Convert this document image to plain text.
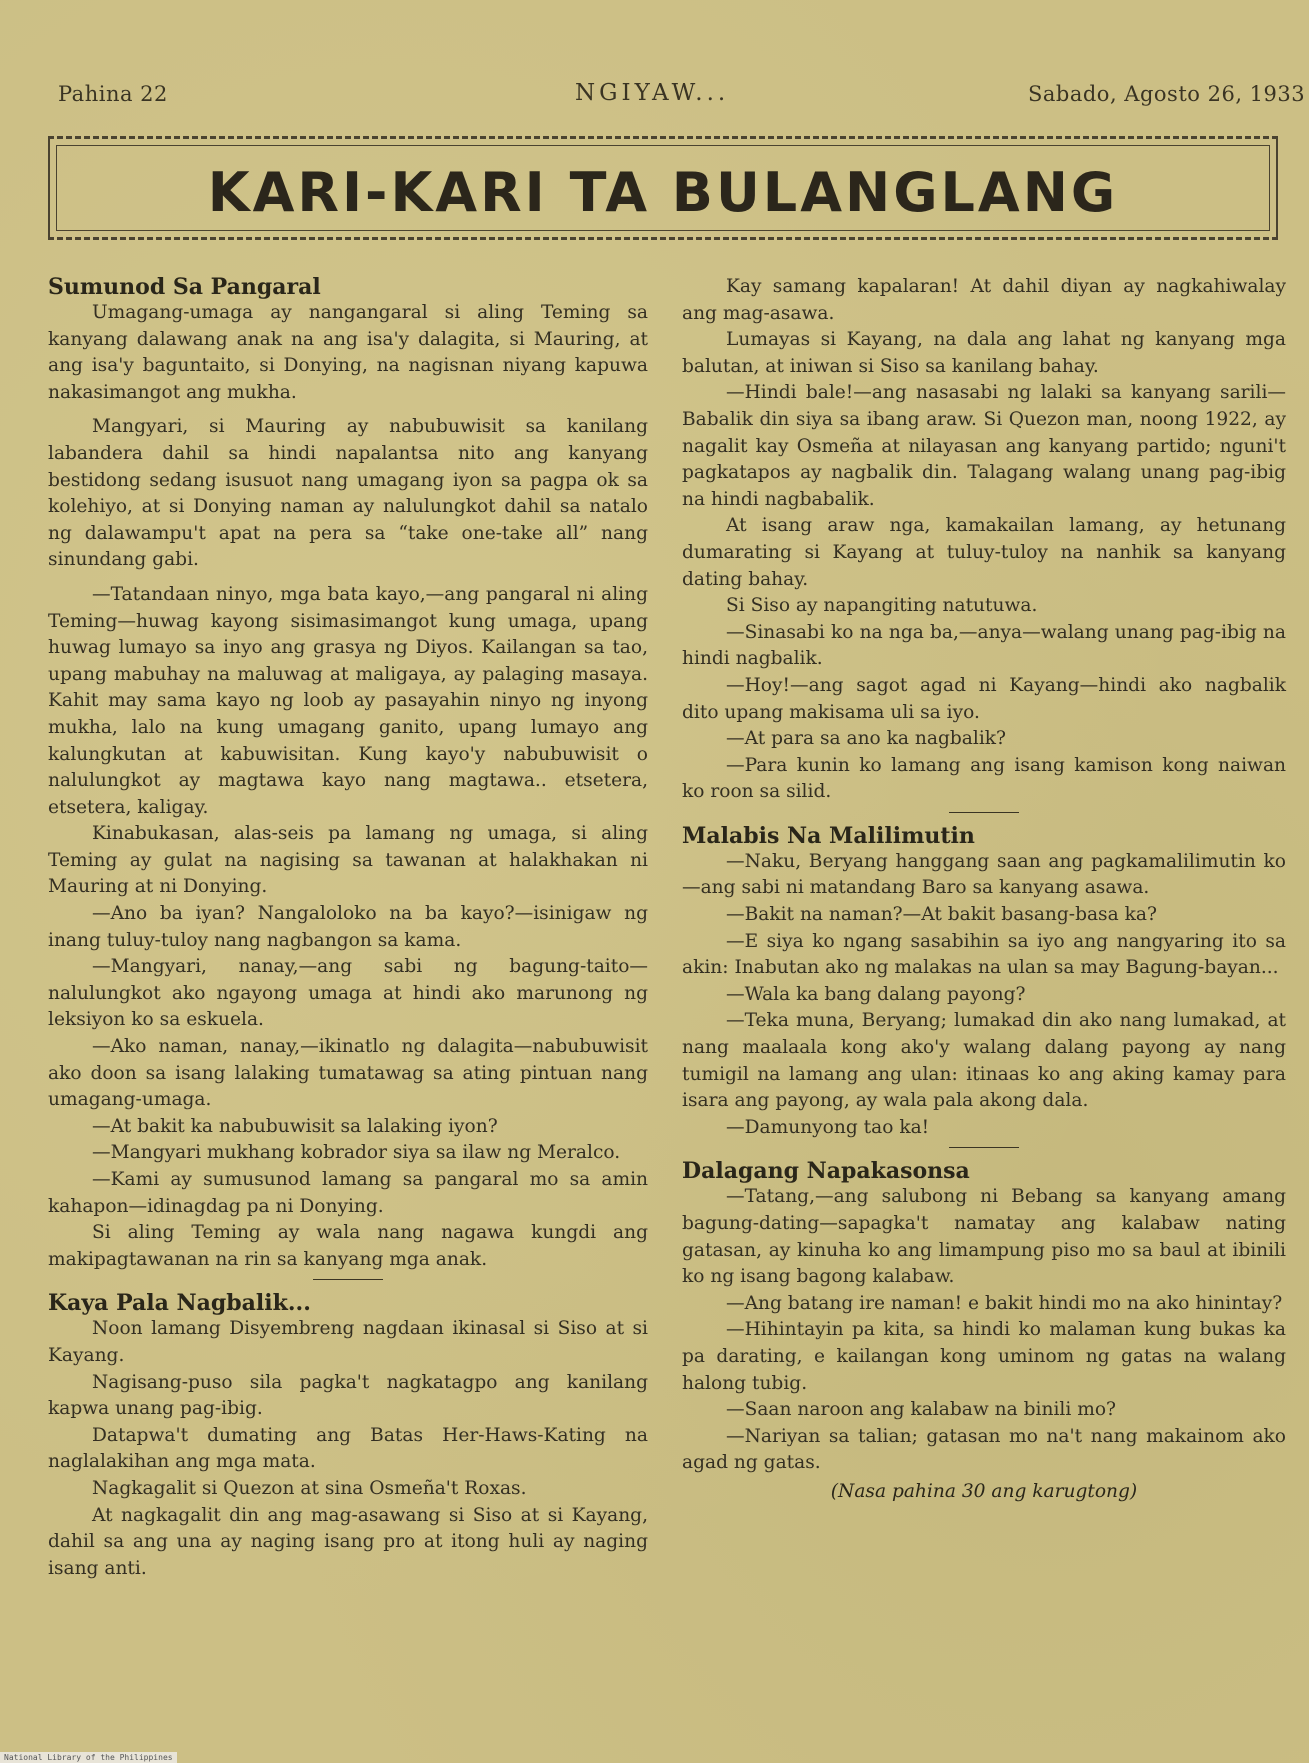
Pahina 22	NGIYAW...	Sabado, Agosto 26, 1933
KARI-KARI TA BULANGLANG
Sumunod Sa Pangaral

Umagang-umaga ay nangangaral si aling Teming sa kanyang dalawang anak na ang isa'y dalagita, si Mauring, at ang isa'y baguntaito, si Donying, na nagisnan niyang kapuwa nakasimangot ang mukha.

Mangyari, si Mauring ay nabubuwisit sa kanilang labandera dahil sa hindi napalantsa nito ang kanyang bestidong sedang isusuot nang umagang iyon sa pagpa ok sa kolehiyo, at si Donying naman ay nalulungkot dahil sa natalo ng dalawampu't apat na pera sa “take one-take all” nang sinundang gabi.

—Tatandaan ninyo, mga bata kayo,—ang pangaral ni aling Teming—huwag kayong sisimasimangot kung umaga, upang huwag lumayo sa inyo ang grasya ng Diyos. Kailangan sa tao, upang mabuhay na maluwag at maligaya, ay palaging masaya. Kahit may sama kayo ng loob ay pasayahin ninyo ng inyong mukha, lalo na kung umagang ganito, upang lumayo ang kalungkutan at kabuwisitan. Kung kayo'y nabubuwisit o nalulungkot ay magtawa kayo nang magtawa.. etsetera, etsetera, kaligay.

Kinabukasan, alas-seis pa lamang ng umaga, si aling Teming ay gulat na nagising sa tawanan at halakhakan ni Mauring at ni Donying.

—Ano ba iyan? Nangaloloko na ba kayo?—isinigaw ng inang tuluy-tuloy nang nagbangon sa kama.

—Mangyari, nanay,—ang sabi ng bagung-taito—nalulungkot ako ngayong umaga at hindi ako marunong ng leksiyon ko sa eskuela.

—Ako naman, nanay,—ikinatlo ng dalagita—nabubuwisit ako doon sa isang lalaking tumatawag sa ating pintuan nang umagang-umaga.

—At bakit ka nabubuwisit sa lalaking iyon?

—Mangyari mukhang kobrador siya sa ilaw ng Meralco.

—Kami ay sumusunod lamang sa pangaral mo sa amin kahapon—idinagdag pa ni Donying.

Si aling Teming ay wala nang nagawa kungdi ang makipagtawanan na rin sa kanyang mga anak.

Kaya Pala Nagbalik...

Noon lamang Disyembreng nagdaan ikinasal si Siso at si Kayang.

Nagisang-puso sila pagka't nagkatagpo ang kanilang kapwa unang pag-ibig.

Datapwa't dumating ang Batas Her-Haws-Kating na naglalakihan ang mga mata.

Nagkagalit si Quezon at sina Osmeña't Roxas.

At nagkagalit din ang mag-asawang si Siso at si Kayang, dahil sa ang una ay naging isang pro at itong huli ay naging isang anti.

Kay samang kapalaran! At dahil diyan ay nagkahiwalay ang mag-asawa.

Lumayas si Kayang, na dala ang lahat ng kanyang mga balutan, at iniwan si Siso sa kanilang bahay.

—Hindi bale!—ang nasasabi ng lalaki sa kanyang sarili—Babalik din siya sa ibang araw. Si Quezon man, noong 1922, ay nagalit kay Osmeña at nilayasan ang kanyang partido; nguni't pagkatapos ay nagbalik din. Talagang walang unang pag-ibig na hindi nagbabalik.

At isang araw nga, kamakailan lamang, ay hetunang dumarating si Kayang at tuluy-tuloy na nanhik sa kanyang dating bahay.

Si Siso ay napangiting natutuwa.

—Sinasabi ko na nga ba,—anya—walang unang pag-ibig na hindi nagbalik.

—Hoy!—ang sagot agad ni Kayang—hindi ako nagbalik dito upang makisama uli sa iyo.

—At para sa ano ka nagbalik?

—Para kunin ko lamang ang isang kamison kong naiwan ko roon sa silid.

Malabis Na Malilimutin

—Naku, Beryang hanggang saan ang pagkamalilimutin ko—ang sabi ni matandang Baro sa kanyang asawa.

—Bakit na naman?—At bakit basang-basa ka?

—E siya ko ngang sasabihin sa iyo ang nangyaring ito sa akin: Inabutan ako ng malakas na ulan sa may Bagung-bayan...

—Wala ka bang dalang payong?

—Teka muna, Beryang; lumakad din ako nang lumakad, at nang maalaala kong ako'y walang dalang payong ay nang tumigil na lamang ang ulan: itinaas ko ang aking kamay para isara ang payong, ay wala pala akong dala.

—Damunyong tao ka!

Dalagang Napakasonsa

—Tatang,—ang salubong ni Bebang sa kanyang amang bagung-dating—sapagka't namatay ang kalabaw nating gatasan, ay kinuha ko ang limampung piso mo sa baul at ibinili ko ng isang bagong kalabaw.

—Ang batang ire naman! e bakit hindi mo na ako hinintay?

—Hihintayin pa kita, sa hindi ko malaman kung bukas ka pa darating, e kailangan kong uminom ng gatas na walang halong tubig.

—Saan naroon ang kalabaw na binili mo?

—Nariyan sa talian; gatasan mo na't nang makainom ako agad ng gatas.

(Nasa pahina 30 ang karugtong)
National Library of the Philippines
